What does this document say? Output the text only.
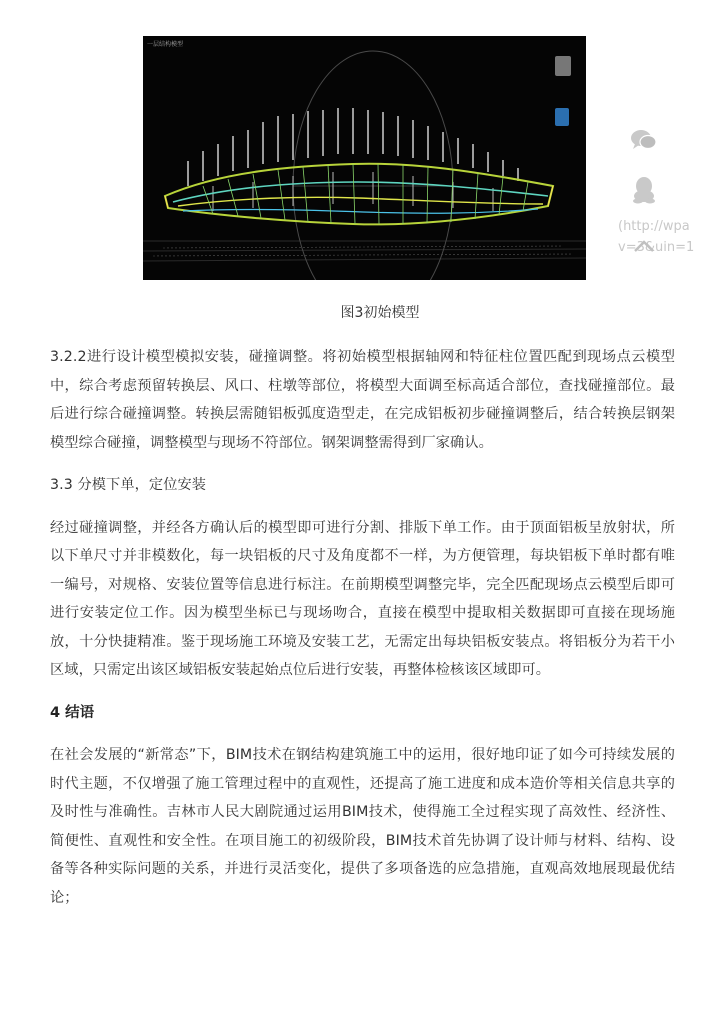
一层结构模型
图3初始模型

3.2.2进行设计模型模拟安装，碰撞调整。将初始模型根据轴网和特征柱位置匹配到现场点云模型中，综合考虑预留转换层、风口、柱墩等部位，将模型大面调至标高适合部位，查找碰撞部位。最后进行综合碰撞调整。转换层需随铝板弧度造型走，在完成铝板初步碰撞调整后，结合转换层钢架模型综合碰撞，调整模型与现场不符部位。钢架调整需得到厂家确认。

3.3 分模下单，定位安装

经过碰撞调整，并经各方确认后的模型即可进行分割、排版下单工作。由于顶面铝板呈放射状，所以下单尺寸并非模数化，每一块铝板的尺寸及角度都不一样，为方便管理，每块铝板下单时都有唯一编号，对规格、安装位置等信息进行标注。在前期模型调整完毕，完全匹配现场点云模型后即可进行安装定位工作。因为模型坐标已与现场吻合，直接在模型中提取相关数据即可直接在现场施放，十分快捷精准。鉴于现场施工环境及安装工艺，无需定出每块铝板安装点。将铝板分为若干小区域，只需定出该区域铝板安装起始点位后进行安装，再整体检核该区域即可。

4 结语

在社会发展的“新常态”下，BIM技术在钢结构建筑施工中的运用，很好地印证了如今可持续发展的时代主题，不仅增强了施工管理过程中的直观性，还提高了施工进度和成本造价等相关信息共享的及时性与准确性。吉林市人民大剧院通过运用BIM技术，使得施工全过程实现了高效性、经济性、简便性、直观性和安全性。在项目施工的初级阶段，BIM技术首先协调了设计师与材料、结构、设备等各种实际问题的关系，并进行灵活变化，提供了多项备选的应急措施，直观高效地展现最优结论；

(http://wpa
v=3&uin=1
